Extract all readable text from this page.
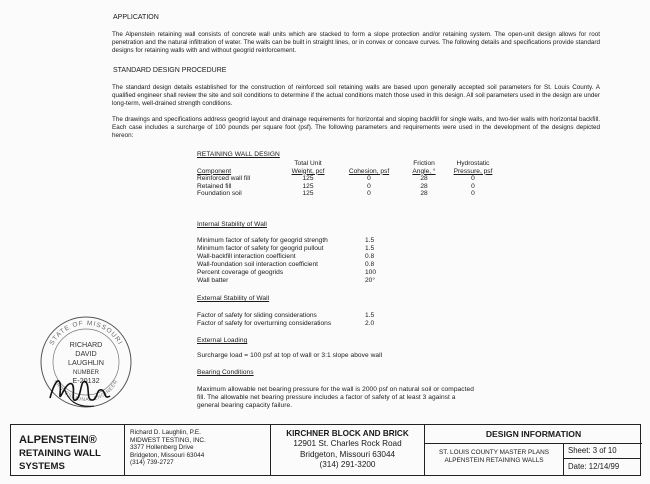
APPLICATION
The Alpenstein retaining wall consists of concrete wall units which are stacked to form a slope protection and/or retaining system. The open-unit design allows for root penetration and the natural infiltration of water. The walls can be built in straight lines, or in convex or concave curves. The following details and specifications provide standard designs for retaining walls with and without geogrid reinforcement.
STANDARD DESIGN PROCEDURE
The standard design details established for the construction of reinforced soil retaining walls are based upon generally accepted soil parameters for St. Louis County. A qualified engineer shall review the site and soil conditions to determine if the actual conditions match those used in this design. All soil parameters used in the design are under long-term, well-drained strength conditions.
The drawings and specifications address geogrid layout and drainage requirements for horizontal and sloping backfill for single walls, and two-tier walls with horizontal backfill. Each case includes a surcharge of 100 pounds per square foot (psf). The following parameters and requirements were used in the development of the designs depicted hereon:
RETAINING WALL DESIGN
	Total Unit		Friction	Hydrostatic
Component	Weight, pcf	Cohesion, psf	Angle, °	Pressure, psf
Reinforced wall fill	125	0	28	0
Retained fill	125	0	28	0
Foundation soil	125	0	28	0
Internal Stability of Wall
Minimum factor of safety for geogrid strength	1.5
Minimum factor of safety for geogrid pullout	1.5
Wall-backfill interaction coefficient	0.8
Wall-foundation soil interaction coefficient	0.8
Percent coverage of geogrids	100
Wall batter	20°
External Stability of Wall
Factor of safety for sliding considerations	1.5
Factor of safety for overturning considerations	2.0
External Loading
Surcharge load = 100 psf at top of wall or 3:1 slope above wall
Bearing Conditions
Maximum allowable net bearing pressure for the wall is 2000 psf on natural soil or compacted fill. The allowable net bearing pressure includes a factor of safety of at least 3 against a general bearing capacity failure.
STATE OF MISSOURI
PROFESSIONAL ENGINEER
RICHARD
DAVID
LAUGHLIN
NUMBER
E-20132
ALPENSTEIN®
RETAINING WALL SYSTEMS
Richard D. Laughlin, P.E.
MIDWEST TESTING, INC.
3377 Hollenberg Drive
Bridgeton, Missouri 63044
(314) 739-2727
KIRCHNER BLOCK AND BRICK
12901 St. Charles Rock Road
Bridgeton, Missouri 63044
(314) 291-3200
DESIGN INFORMATION
ST. LOUIS COUNTY MASTER PLANS
ALPENSTEIN RETAINING WALLS
Sheet: 3 of 10
Date: 12/14/99
